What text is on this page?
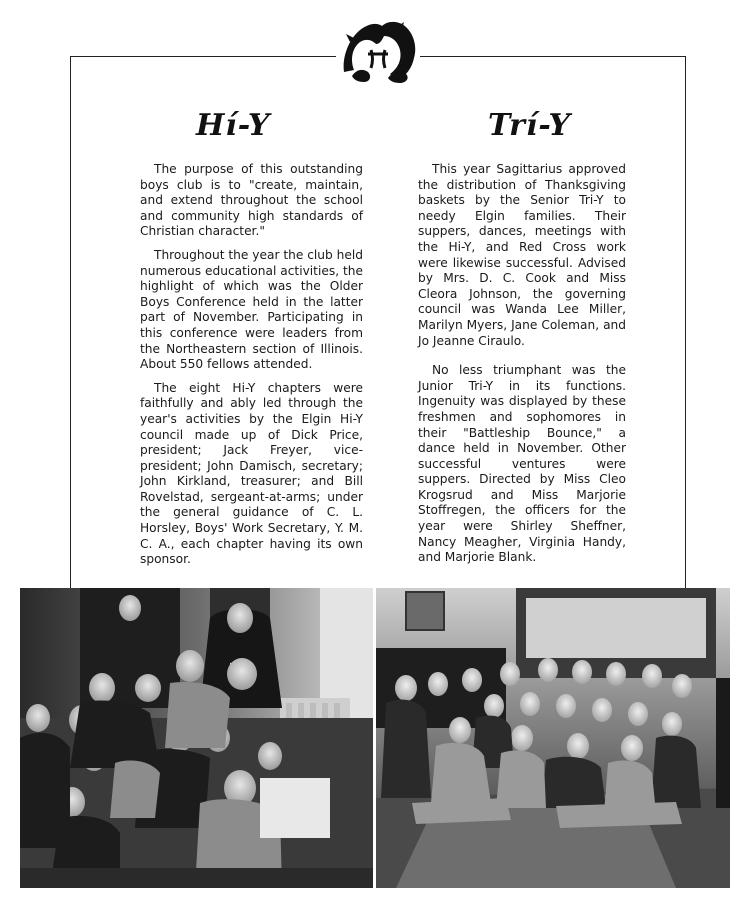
Hí-Y	Trí-Y

The purpose of this outstanding boys club is to "create, maintain, and extend throughout the school and community high standards of Christian character."

Throughout the year the club held numerous educational activities, the highlight of which was the Older Boys Conference held in the latter part of November. Participating in this conference were leaders from the Northeastern section of Illinois. About 550 fellows attended.

The eight Hi-Y chapters were faithfully and ably led through the year's activities by the Elgin Hi-Y council made up of Dick Price, president; Jack Freyer, vice-president; John Damisch, secretary; John Kirkland, treasurer; and Bill Rovelstad, sergeant-at-arms; under the general guidance of C. L. Horsley, Boys' Work Secretary, Y. M. C. A., each chapter having its own sponsor.

This year Sagittarius approved the distribution of Thanksgiving baskets by the Senior Tri-Y to needy Elgin families. Their suppers, dances, meetings with the Hi-Y, and Red Cross work were likewise successful. Advised by Mrs. D. C. Cook and Miss Cleora Johnson, the governing council was Wanda Lee Miller, Marilyn Myers, Jane Coleman, and Jo Jeanne Ciraulo.

No less triumphant was the Junior Tri-Y in its functions. Ingenuity was displayed by these freshmen and sophomores in their "Battleship Bounce," a dance held in November. Other successful ventures were suppers. Directed by Miss Cleo Krogsrud and Miss Marjorie Stoffregen, the officers for the year were Shirley Sheffner, Nancy Meagher, Virginia Handy, and Marjorie Blank.
